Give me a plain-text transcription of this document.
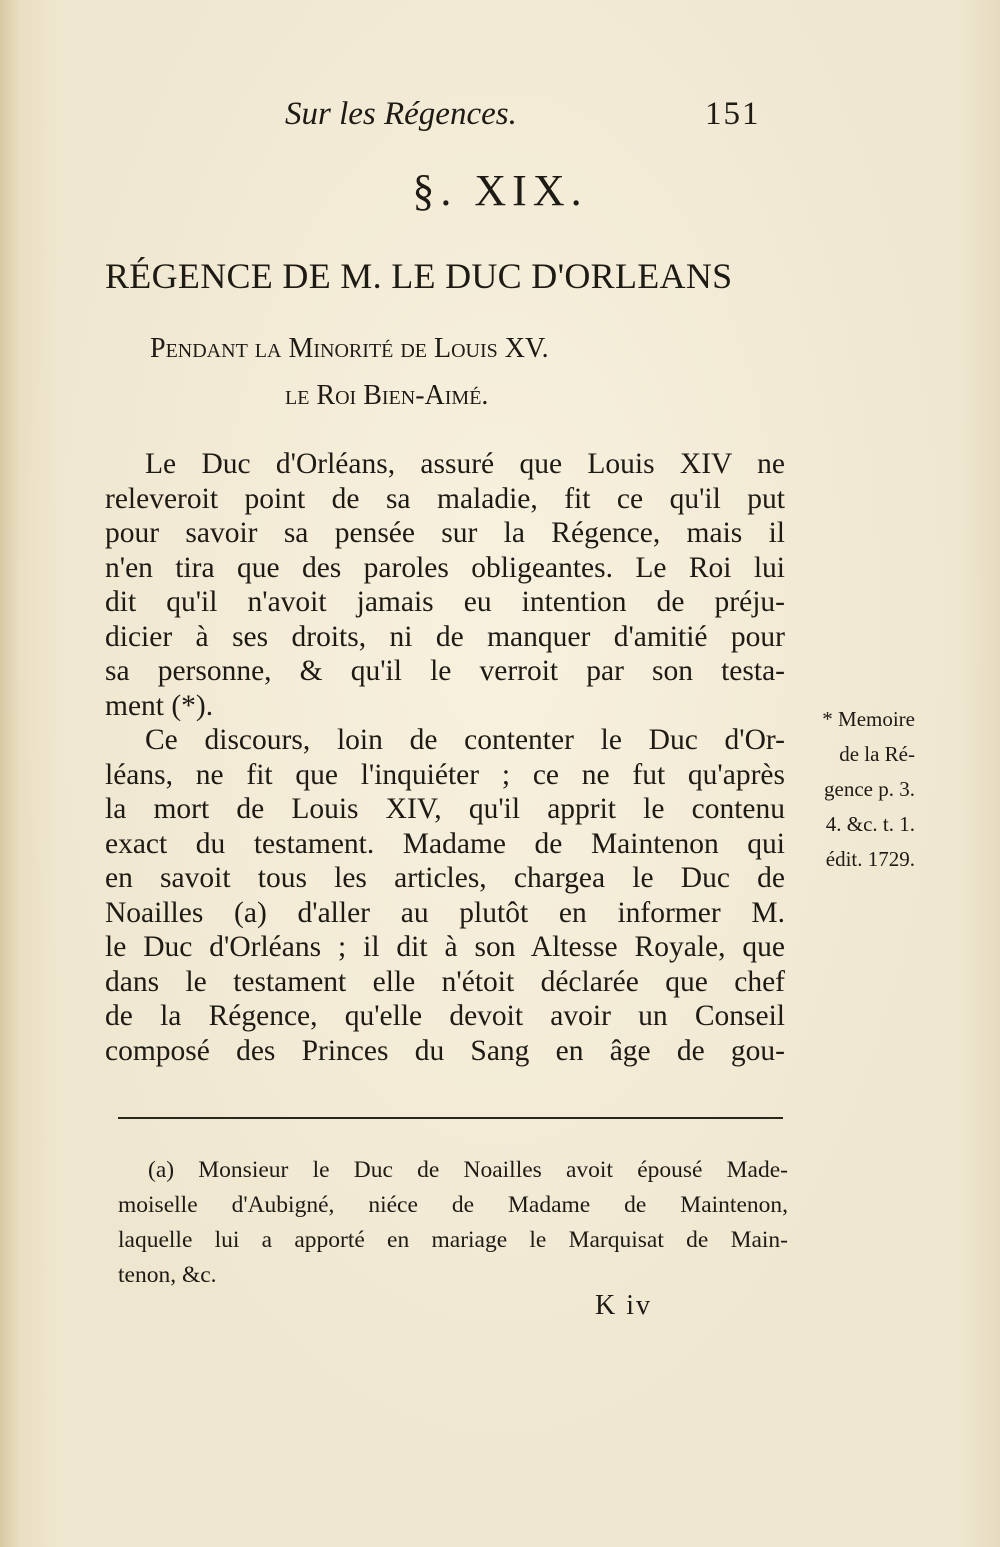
Sur les Régences.	151
§. XIX.
RÉGENCE DE M. LE DUC D'ORLEANS
Pendant la Minorité de Louis XV.
le Roi Bien-Aimé.
Le Duc d'Orléans, assuré que Louis XIV ne
releveroit point de sa maladie, fit ce qu'il put
pour savoir sa pensée sur la Régence, mais il
n'en tira que des paroles obligeantes. Le Roi lui
dit qu'il n'avoit jamais eu intention de préju-
dicier à ses droits, ni de manquer d'amitié pour
sa personne, & qu'il le verroit par son testa-
ment (*).
Ce discours, loin de contenter le Duc d'Or-
léans, ne fit que l'inquiéter ; ce ne fut qu'après
la mort de Louis XIV, qu'il apprit le contenu
exact du testament. Madame de Maintenon qui
en savoit tous les articles, chargea le Duc de
Noailles (a) d'aller au plutôt en informer M.
le Duc d'Orléans ; il dit à son Altesse Royale, que
dans le testament elle n'étoit déclarée que chef
de la Régence, qu'elle devoit avoir un Conseil
composé des Princes du Sang en âge de gou-
* Memoire
de la Ré-
gence p. 3.
4. &c. t. 1.
édit. 1729.
(a) Monsieur le Duc de Noailles avoit épousé Made-
moiselle d'Aubigné, niéce de Madame de Maintenon,
laquelle lui a apporté en mariage le Marquisat de Main-
tenon, &c.
K iv
